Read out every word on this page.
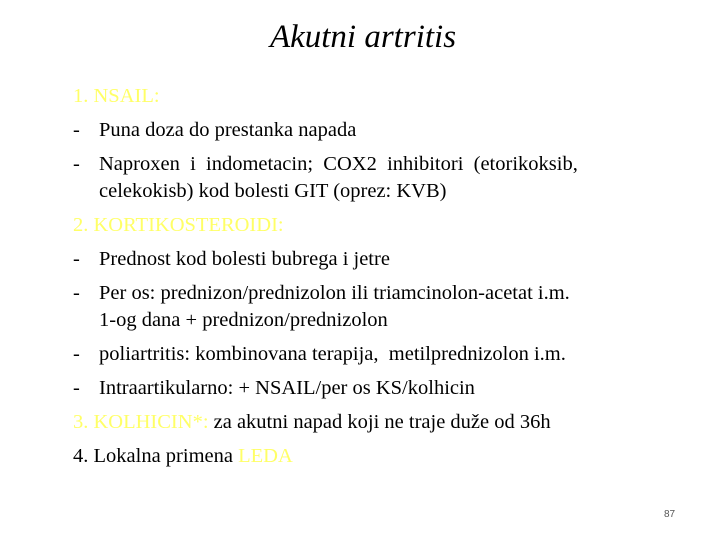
Akutni artritis
1. NSAIL:
- Puna doza do prestanka napada
- Naproxen  i  indometacin;  COX2  inhibitori  (etorikoksib,
celekokisb) kod bolesti GIT (oprez: KVB)
2. KORTIKOSTEROIDI:
- Prednost kod bolesti bubrega i jetre
- Per os: prednizon/prednizolon ili triamcinolon-acetat i.m.
1-og dana + prednizon/prednizolon
- poliartritis: kombinovana terapija,  metilprednizolon i.m.
- Intraartikularno: + NSAIL/per os KS/kolhicin
3. KOLHICIN*: za akutni napad koji ne traje duže od 36h
4. Lokalna primena LEDA
87
